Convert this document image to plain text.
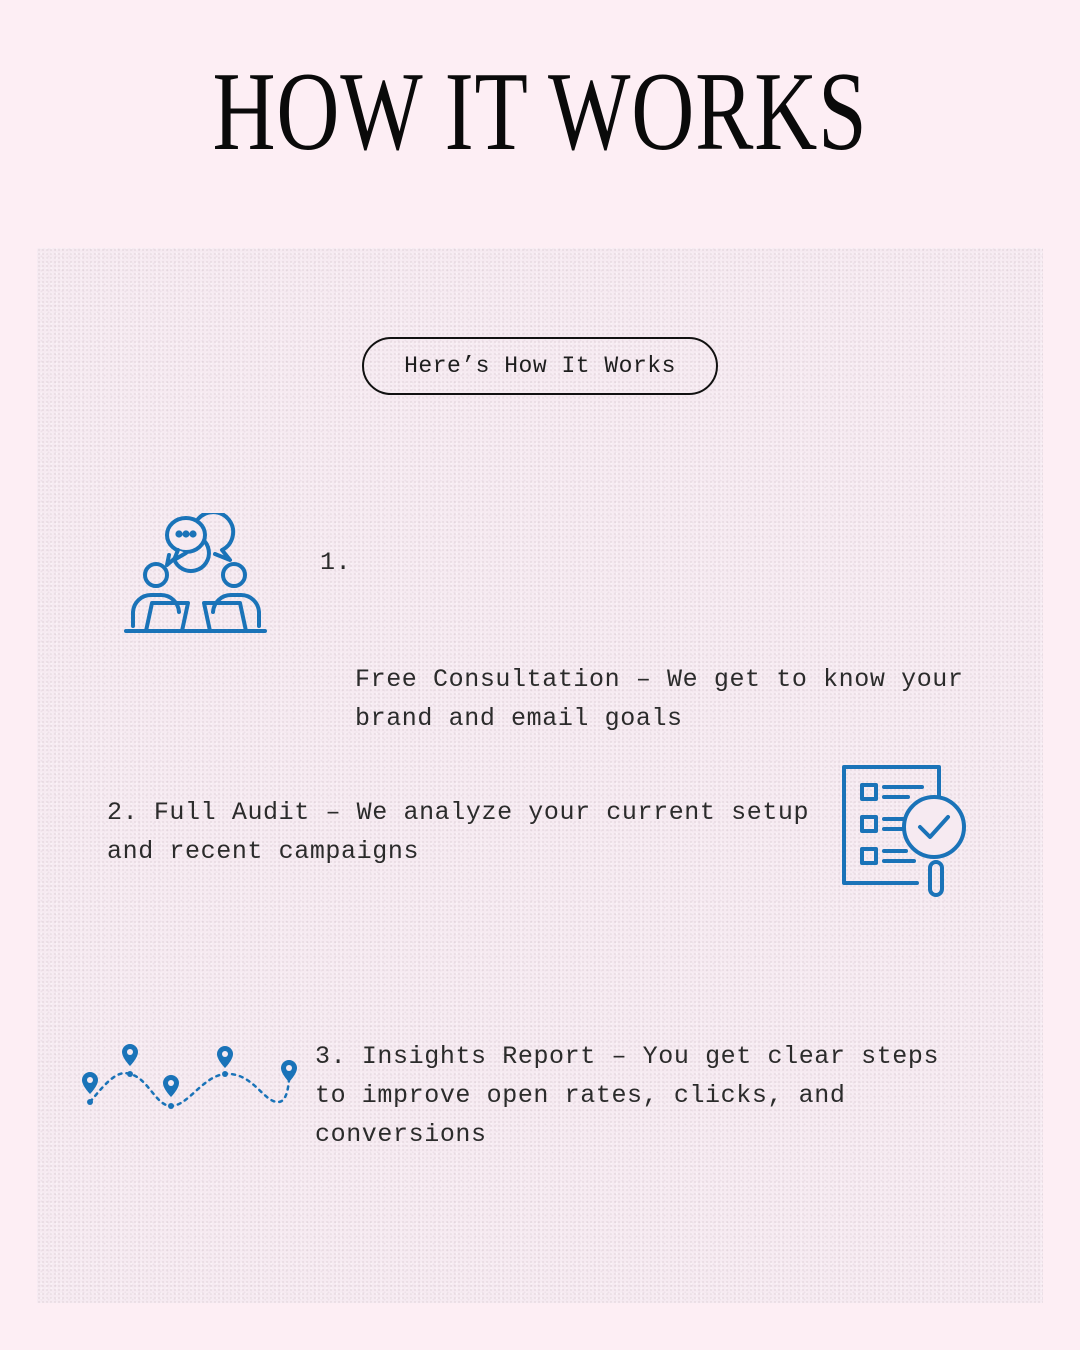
HOW IT WORKS
Here’s How It Works

1.

Free Consultation – We get to know your brand and email goals

2. Full Audit – We analyze your current setup and recent campaigns
3. Insights Report – You get clear steps to improve open rates, clicks, and conversions
